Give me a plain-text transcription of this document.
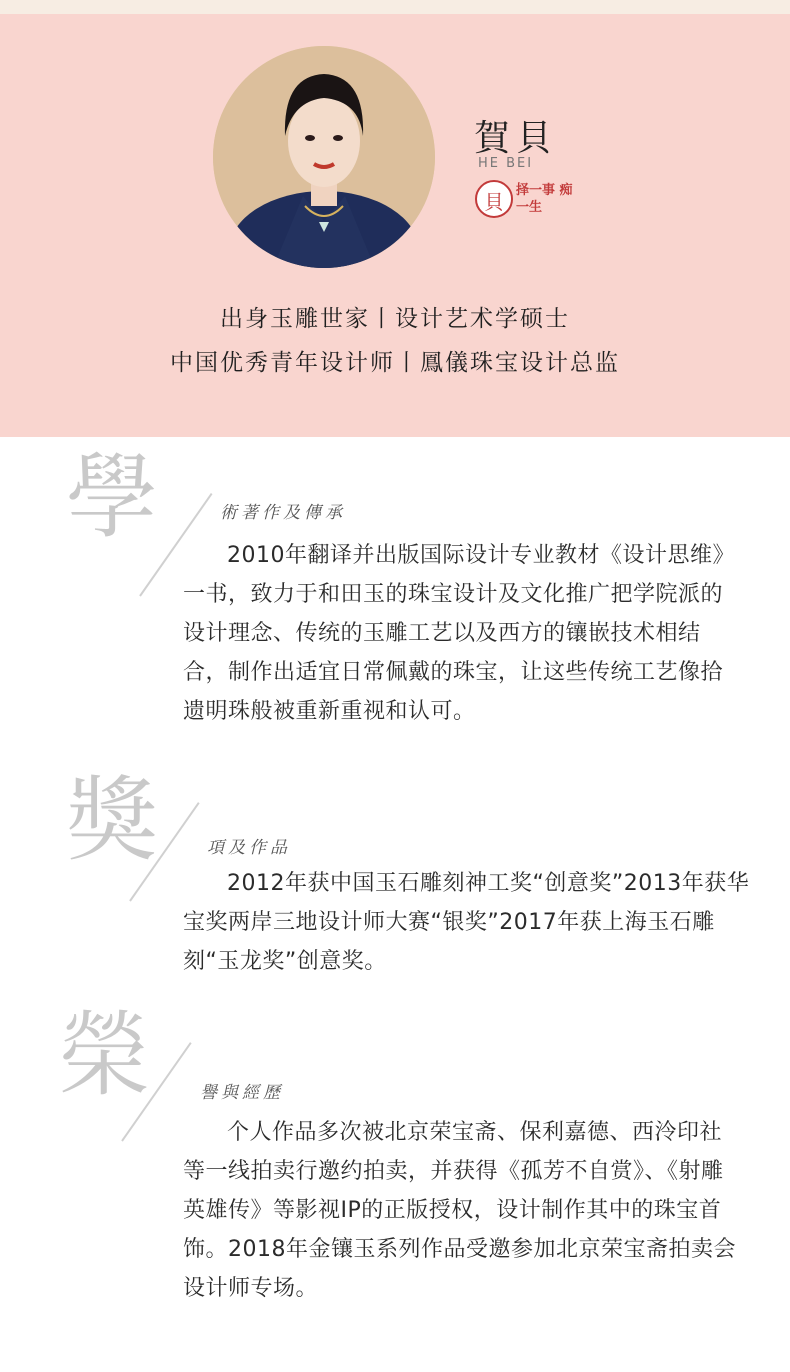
賀貝
HE BEI
貝 择一事 痴一生
出身玉雕世家丨设计艺术学硕士
中国优秀青年设计师丨鳳儀珠宝设计总监
學	術著作及傳承
2010年翻译并出版国际设计专业教材《设计思维》一书，致力于和田玉的珠宝设计及文化推广把学院派的设计理念、传统的玉雕工艺以及西方的镶嵌技术相结合，制作出适宜日常佩戴的珠宝，让这些传统工艺像拾遗明珠般被重新重视和认可。
獎	項及作品
2012年获中国玉石雕刻神工奖“创意奖”2013年获华宝奖两岸三地设计师大赛“银奖”2017年获上海玉石雕刻“玉龙奖”创意奖。
榮	譽與經歷
个人作品多次被北京荣宝斋、保利嘉德、西泠印社等一线拍卖行邀约拍卖，并获得《孤芳不自赏》、《射雕英雄传》等影视IP的正版授权，设计制作其中的珠宝首饰。2018年金镶玉系列作品受邀参加北京荣宝斋拍卖会设计师专场。
